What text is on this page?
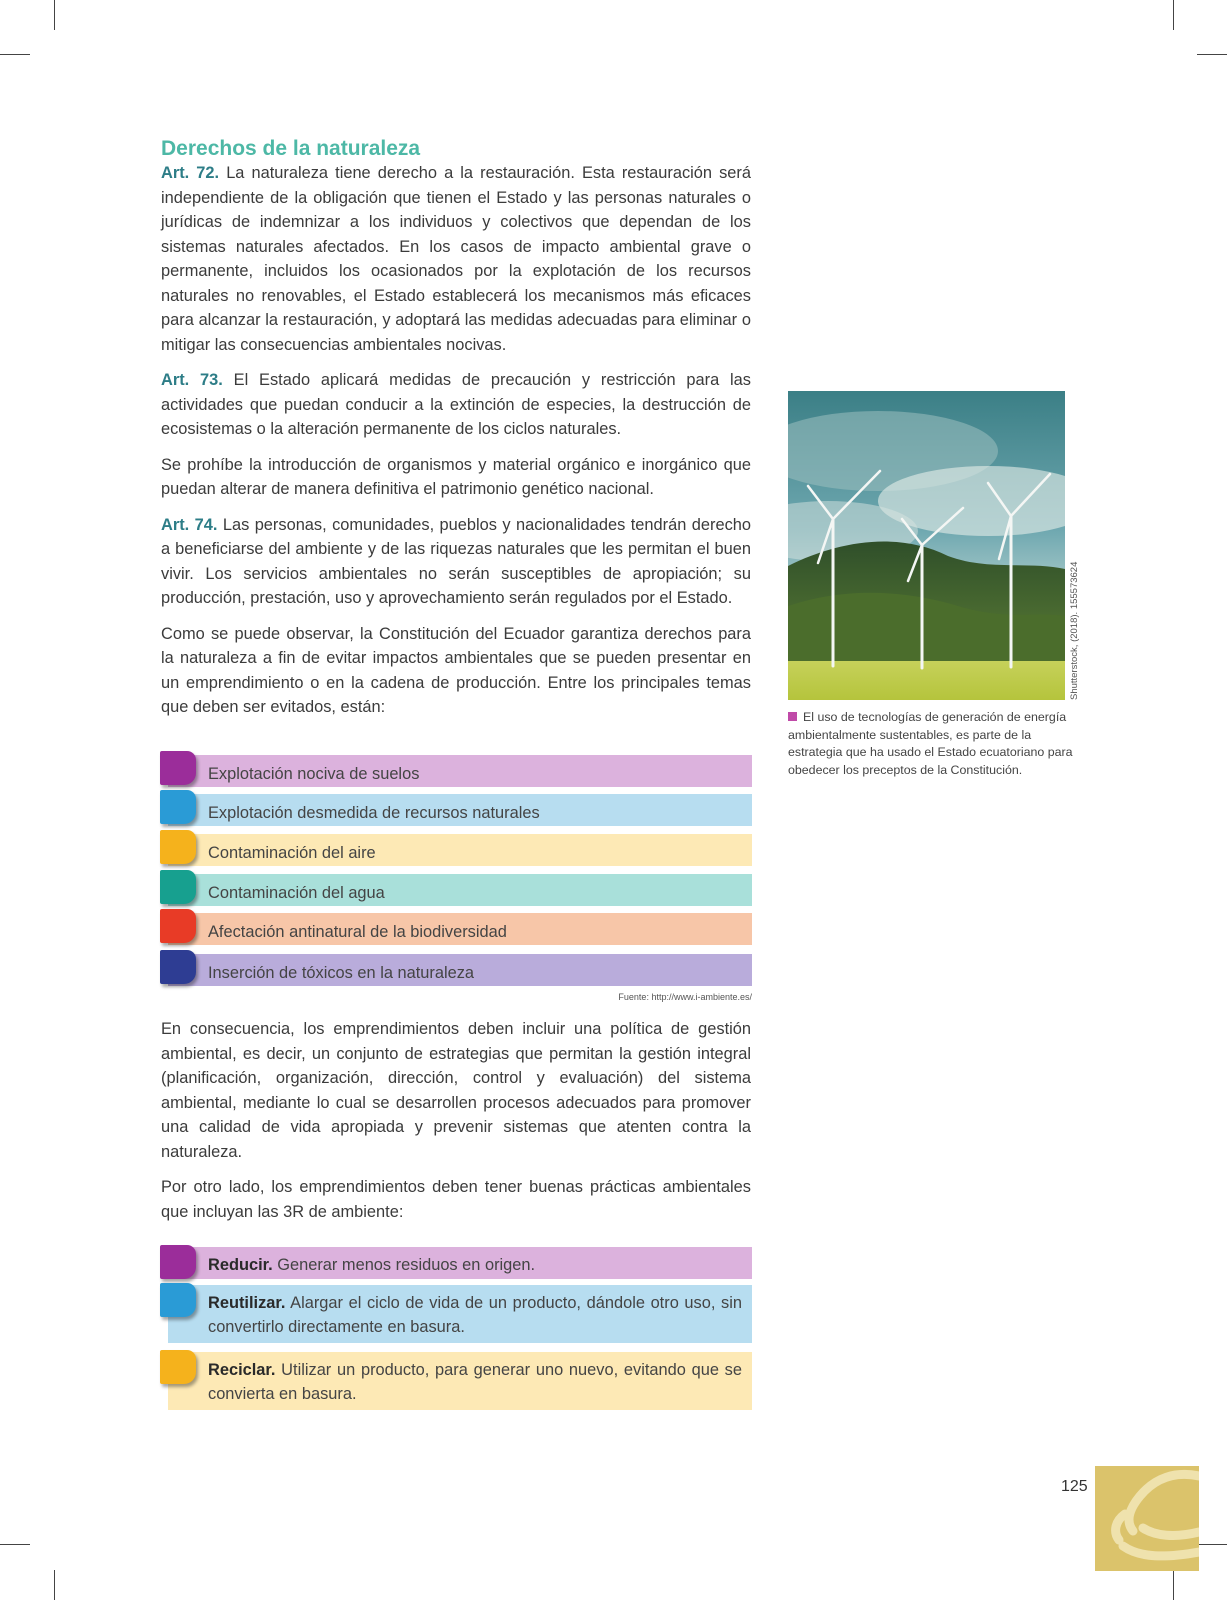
Derechos de la naturaleza

Art. 72. La naturaleza tiene derecho a la restauración. Esta restauración será independiente de la obligación que tienen el Estado y las personas naturales o jurídicas de indemnizar a los individuos y colectivos que dependan de los sistemas naturales afectados. En los casos de impacto ambiental grave o permanente, incluidos los ocasionados por la explotación de los recursos naturales no renovables, el Estado establecerá los mecanismos más eficaces para alcanzar la restauración, y adoptará las medidas adecuadas para eliminar o mitigar las consecuencias ambientales nocivas.

Art. 73. El Estado aplicará medidas de precaución y restricción para las actividades que puedan conducir a la extinción de especies, la destrucción de ecosistemas o la alteración permanente de los ciclos naturales.

Se prohíbe la introducción de organismos y material orgánico e inorgánico que puedan alterar de manera definitiva el patrimonio genético nacional.

Art. 74. Las personas, comunidades, pueblos y nacionalidades tendrán derecho a beneficiarse del ambiente y de las riquezas naturales que les permitan el buen vivir. Los servicios ambientales no serán susceptibles de apropiación; su producción, prestación, uso y aprovechamiento serán regulados por el Estado.

Como se puede observar, la Constitución del Ecuador garantiza derechos para la naturaleza a fin de evitar impactos ambientales que se pueden presentar en un emprendimiento o en la cadena de producción. Entre los principales temas que deben ser evitados, están:

Explotación nociva de suelos
Explotación desmedida de recursos naturales
Contaminación del aire
Contaminación del agua
Afectación antinatural de la biodiversidad
Inserción de tóxicos en la naturaleza
Fuente: http://www.i-ambiente.es/

En consecuencia, los emprendimientos deben incluir una política de gestión ambiental, es decir, un conjunto de estrategias que permitan la gestión integral (planificación, organización, dirección, control y evaluación) del sistema ambiental, mediante lo cual se desarrollen procesos adecuados para promover una calidad de vida apropiada y prevenir sistemas que atenten contra la naturaleza.

Por otro lado, los emprendimientos deben tener buenas prácticas ambientales que incluyan las 3R de ambiente:

Reducir. Generar menos residuos en origen.
Reutilizar. Alargar el ciclo de vida de un producto, dándole otro uso, sin convertirlo directamente en basura.
Reciclar. Utilizar un producto, para generar uno nuevo, evitando que se convierta en basura.
Shutterstock, (2018). 155573624
El uso de tecnologías de generación de energía ambientalmente sustentables, es parte de la estrategia que ha usado el Estado ecuatoriano para obedecer los preceptos de la Constitución.
125
